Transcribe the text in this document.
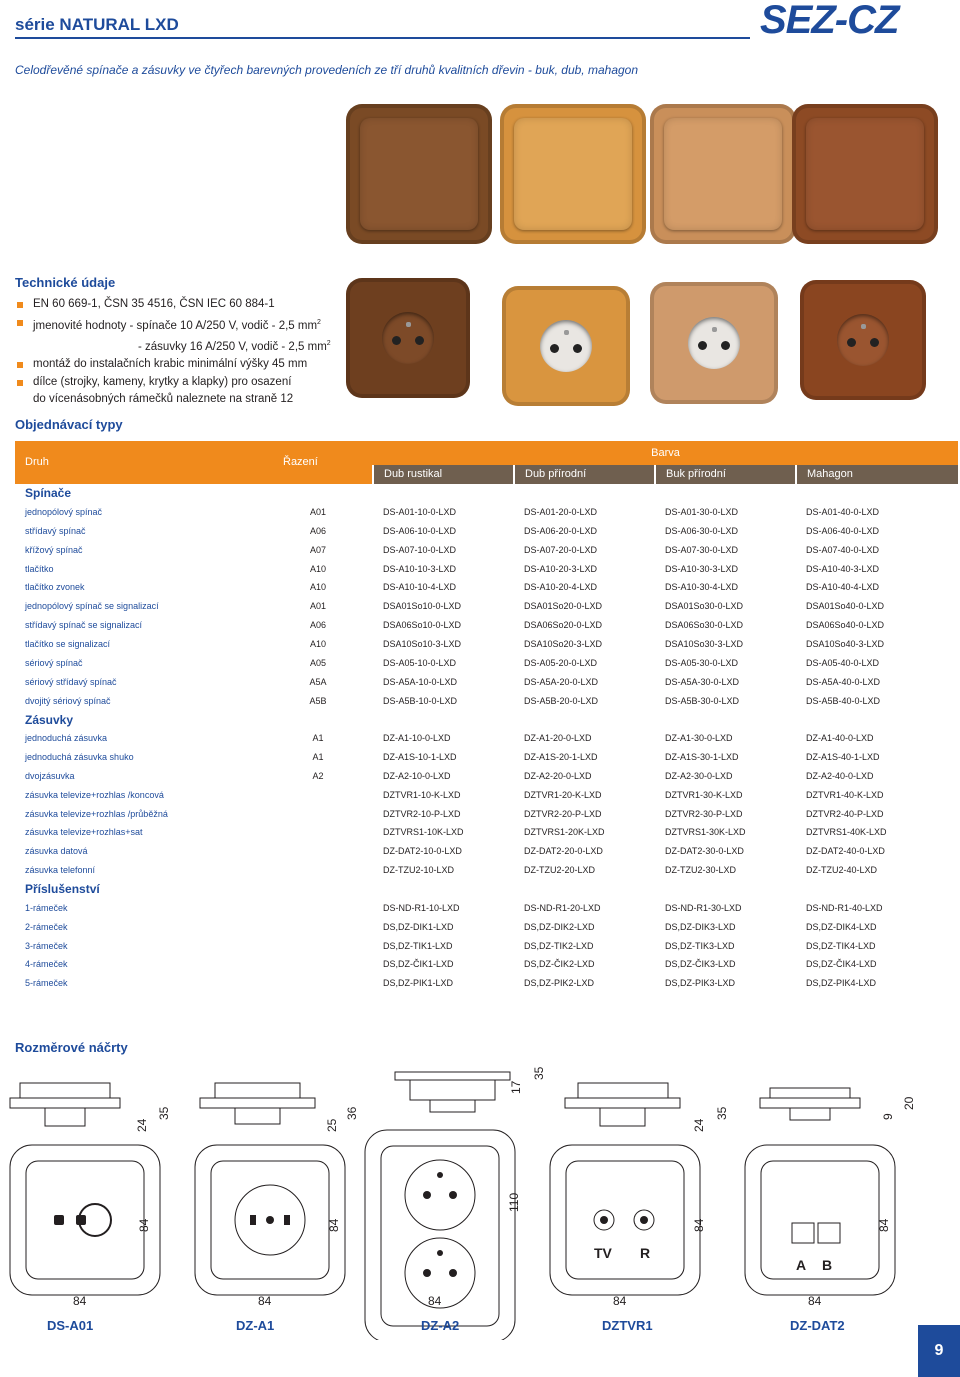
série NATURAL LXD	SEZ-CZ
Celodřevěné spínače a zásuvky ve čtyřech barevných provedeních ze tří druhů kvalitních dřevin - buk, dub, mahagon
Technické údaje
EN 60 669-1, ČSN 35 4516, ČSN IEC 60 884-1
jmenovité hodnoty - spínače 10 A/250 V, vodič - 2,5 $mm^2$
- zásuvky 16 A/250 V, vodič - 2,5 $mm^2$
montáž do instalačních krabic minimální výšky 45 mm
dílce (strojky, kameny, krytky a klapky) pro osazení
do vícenásobných rámečků naleznete na straně 12
Objednávací typy
Druh	Řazení	Barva			
		Dub rustikal	Dub přírodní	Buk přírodní	Mahagon
Spínače					
jednopólový spínač	A01	DS-A01-10-0-LXD	DS-A01-20-0-LXD	DS-A01-30-0-LXD	DS-A01-40-0-LXD
střídavý spínač	A06	DS-A06-10-0-LXD	DS-A06-20-0-LXD	DS-A06-30-0-LXD	DS-A06-40-0-LXD
křížový spínač	A07	DS-A07-10-0-LXD	DS-A07-20-0-LXD	DS-A07-30-0-LXD	DS-A07-40-0-LXD
tlačítko	A10	DS-A10-10-3-LXD	DS-A10-20-3-LXD	DS-A10-30-3-LXD	DS-A10-40-3-LXD
tlačítko zvonek	A10	DS-A10-10-4-LXD	DS-A10-20-4-LXD	DS-A10-30-4-LXD	DS-A10-40-4-LXD
jednopólový spínač se signalizací	A01	DSA01So10-0-LXD	DSA01So20-0-LXD	DSA01So30-0-LXD	DSA01So40-0-LXD
střídavý spínač se signalizací	A06	DSA06So10-0-LXD	DSA06So20-0-LXD	DSA06So30-0-LXD	DSA06So40-0-LXD
tlačítko se signalizací	A10	DSA10So10-3-LXD	DSA10So20-3-LXD	DSA10So30-3-LXD	DSA10So40-3-LXD
sériový spínač	A05	DS-A05-10-0-LXD	DS-A05-20-0-LXD	DS-A05-30-0-LXD	DS-A05-40-0-LXD
sériový střídavý spínač	A5A	DS-A5A-10-0-LXD	DS-A5A-20-0-LXD	DS-A5A-30-0-LXD	DS-A5A-40-0-LXD
dvojitý sériový spínač	A5B	DS-A5B-10-0-LXD	DS-A5B-20-0-LXD	DS-A5B-30-0-LXD	DS-A5B-40-0-LXD
Zásuvky					
jednoduchá zásuvka	A1	DZ-A1-10-0-LXD	DZ-A1-20-0-LXD	DZ-A1-30-0-LXD	DZ-A1-40-0-LXD
jednoduchá zásuvka shuko	A1	DZ-A1S-10-1-LXD	DZ-A1S-20-1-LXD	DZ-A1S-30-1-LXD	DZ-A1S-40-1-LXD
dvojzásuvka	A2	DZ-A2-10-0-LXD	DZ-A2-20-0-LXD	DZ-A2-30-0-LXD	DZ-A2-40-0-LXD
zásuvka televize+rozhlas /koncová		DZTVR1-10-K-LXD	DZTVR1-20-K-LXD	DZTVR1-30-K-LXD	DZTVR1-40-K-LXD
zásuvka televize+rozhlas /průběžná		DZTVR2-10-P-LXD	DZTVR2-20-P-LXD	DZTVR2-30-P-LXD	DZTVR2-40-P-LXD
zásuvka televize+rozhlas+sat		DZTVRS1-10K-LXD	DZTVRS1-20K-LXD	DZTVRS1-30K-LXD	DZTVRS1-40K-LXD
zásuvka datová		DZ-DAT2-10-0-LXD	DZ-DAT2-20-0-LXD	DZ-DAT2-30-0-LXD	DZ-DAT2-40-0-LXD
zásuvka telefonní		DZ-TZU2-10-LXD	DZ-TZU2-20-LXD	DZ-TZU2-30-LXD	DZ-TZU2-40-LXD
Příslušenství					
1-rámeček		DS-ND-R1-10-LXD	DS-ND-R1-20-LXD	DS-ND-R1-30-LXD	DS-ND-R1-40-LXD
2-rámeček		DS,DZ-DIK1-LXD	DS,DZ-DIK2-LXD	DS,DZ-DIK3-LXD	DS,DZ-DIK4-LXD
3-rámeček		DS,DZ-TIK1-LXD	DS,DZ-TIK2-LXD	DS,DZ-TIK3-LXD	DS,DZ-TIK4-LXD
4-rámeček		DS,DZ-ČIK1-LXD	DS,DZ-ČIK2-LXD	DS,DZ-ČIK3-LXD	DS,DZ-ČIK4-LXD
5-rámeček		DS,DZ-PIK1-LXD	DS,DZ-PIK2-LXD	DS,DZ-PIK3-LXD	DS,DZ-PIK4-LXD
Rozměrové náčrty
84	84	84	84	84
84	84	84	84
110
24
35
25
36
17
35
24
35	9
20
TV R
A B
DS-A01	DZ-A1	DZ-A2	DZTVR1	DZ-DAT2
9
